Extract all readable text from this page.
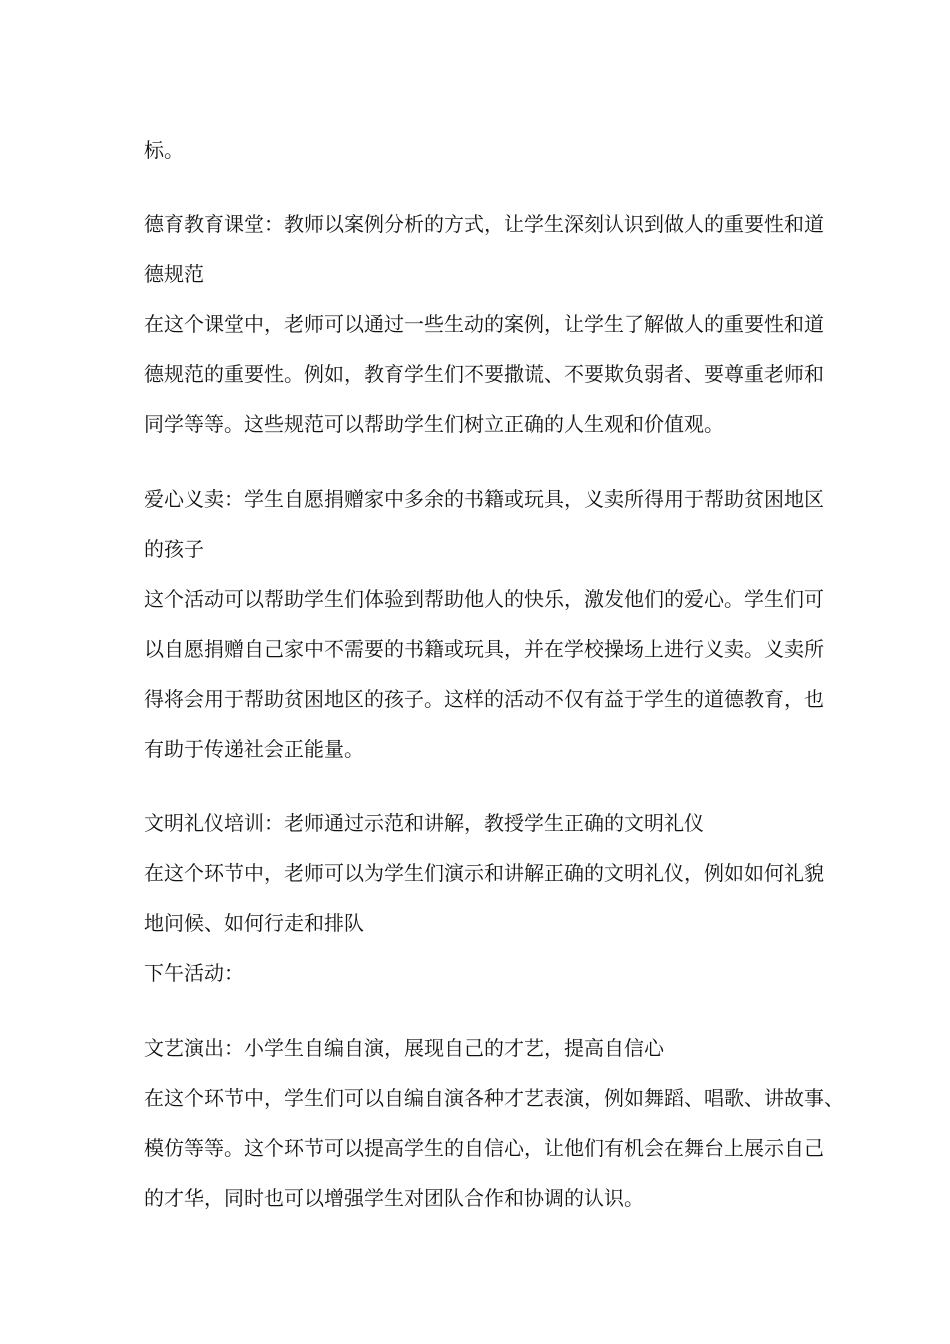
标。

德育教育课堂：教师以案例分析的方式，让学生深刻认识到做人的重要性和道

德规范

在这个课堂中，老师可以通过一些生动的案例，让学生了解做人的重要性和道

德规范的重要性。例如，教育学生们不要撒谎、不要欺负弱者、要尊重老师和

同学等等。这些规范可以帮助学生们树立正确的人生观和价值观。

爱心义卖：学生自愿捐赠家中多余的书籍或玩具，义卖所得用于帮助贫困地区

的孩子

这个活动可以帮助学生们体验到帮助他人的快乐，激发他们的爱心。学生们可

以自愿捐赠自己家中不需要的书籍或玩具，并在学校操场上进行义卖。义卖所

得将会用于帮助贫困地区的孩子。这样的活动不仅有益于学生的道德教育，也

有助于传递社会正能量。

文明礼仪培训：老师通过示范和讲解，教授学生正确的文明礼仪

在这个环节中，老师可以为学生们演示和讲解正确的文明礼仪，例如如何礼貌

地问候、如何行走和排队

下午活动：

文艺演出：小学生自编自演，展现自己的才艺，提高自信心

在这个环节中，学生们可以自编自演各种才艺表演，例如舞蹈、唱歌、讲故事、

模仿等等。这个环节可以提高学生的自信心，让他们有机会在舞台上展示自己

的才华，同时也可以增强学生对团队合作和协调的认识。
